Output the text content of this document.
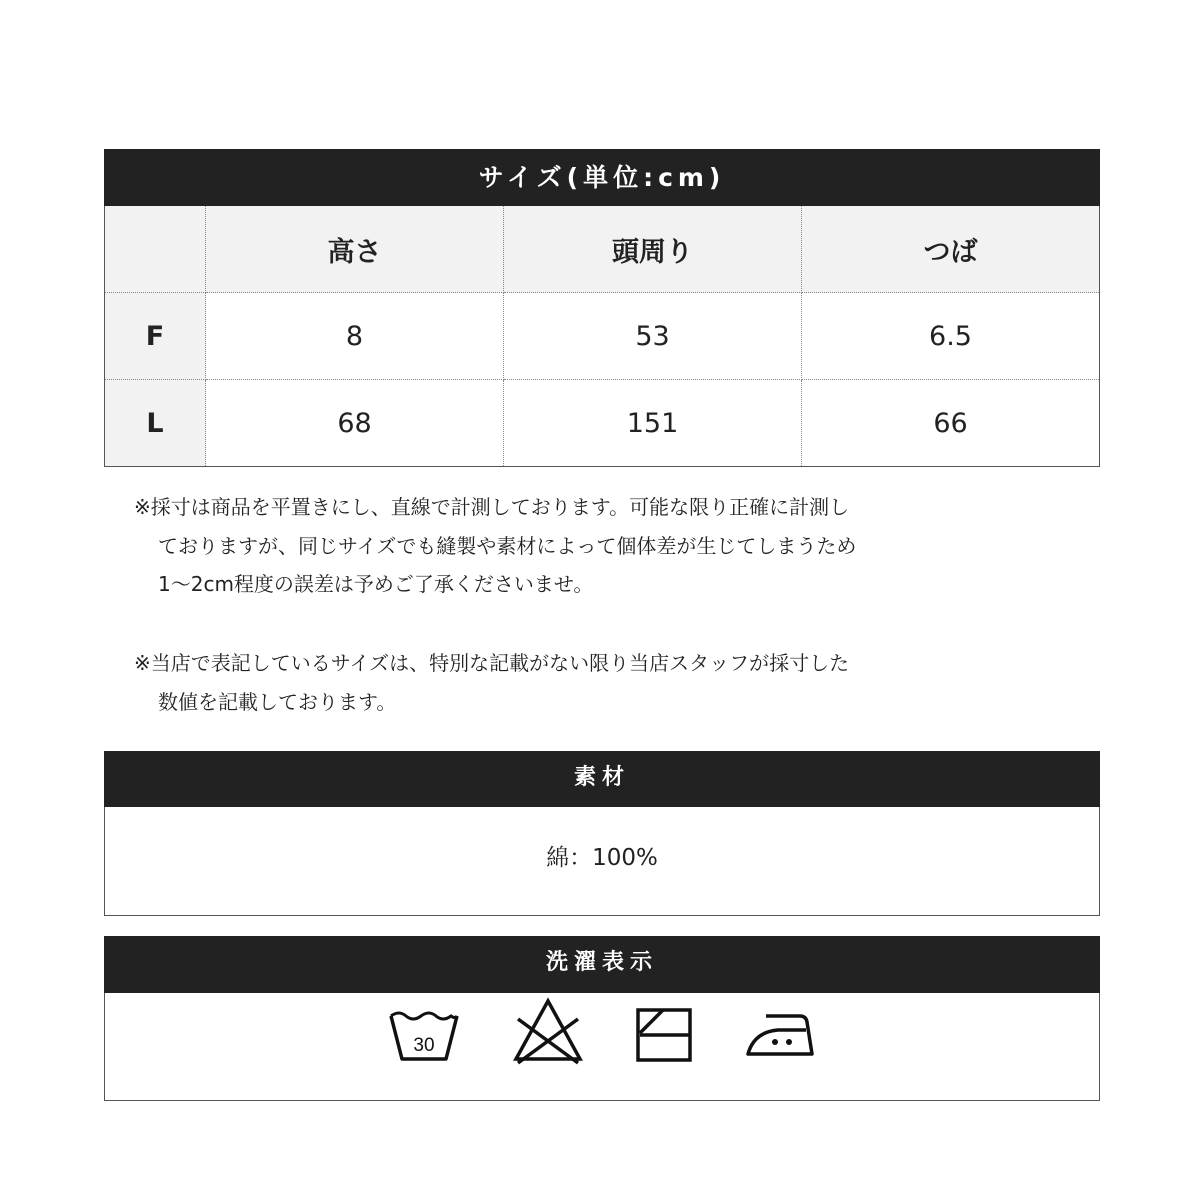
サイズ(単位:cm)
	高さ	頭周り	つば
F	8	53	6.5
L	68	151	66

※採寸は商品を平置きにし、直線で計測しております。可能な限り正確に計測し

ておりますが、同じサイズでも縫製や素材によって個体差が生じてしまうため

1〜2cm程度の誤差は予めご了承くださいませ。

※当店で表記しているサイズは、特別な記載がない限り当店スタッフが採寸した

数値を記載しております。

素材
綿：100%
洗濯表示
30
